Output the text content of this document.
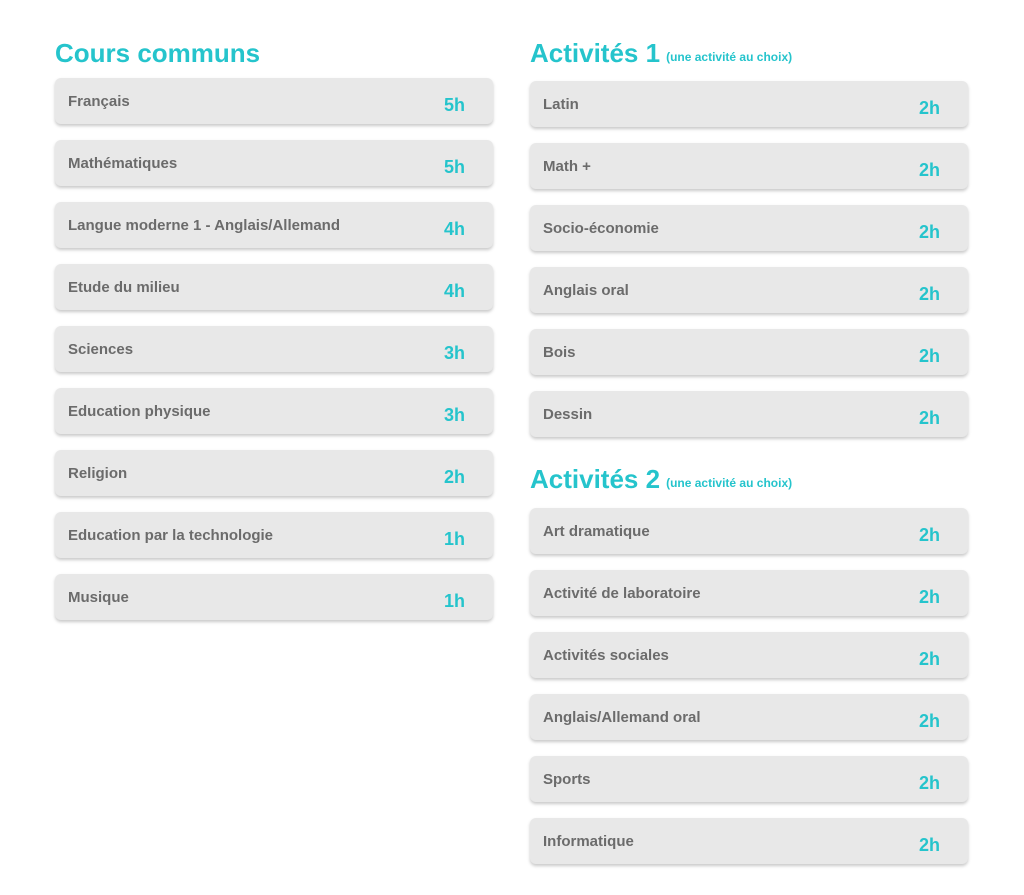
Cours communs
Français	5h
Mathématiques	5h
Langue moderne 1 - Anglais/Allemand	4h
Etude du milieu	4h
Sciences	3h
Education physique	3h
Religion	2h
Education par la technologie	1h
Musique	1h
Activités 1 (une activité au choix)
Latin	2h
Math +	2h
Socio-économie	2h
Anglais oral	2h
Bois	2h
Dessin	2h
Activités 2 (une activité au choix)
Art dramatique	2h
Activité de laboratoire	2h
Activités sociales	2h
Anglais/Allemand oral	2h
Sports	2h
Informatique	2h
